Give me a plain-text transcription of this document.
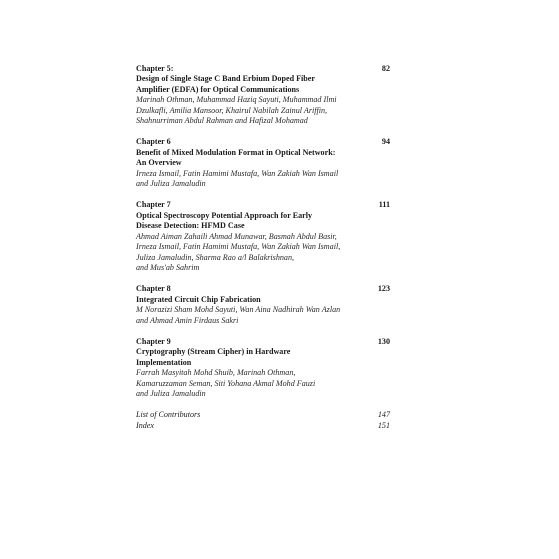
Chapter 5:	82
Design of Single Stage C Band Erbium Doped Fiber
Amplifier (EDFA) for Optical Communications
Marinah Othman, Muhammad Haziq Sayuti, Muhammad Ilmi
Dzulkafli, Amilia Mansoor, Khairul Nabilah Zainul Ariffin,
Shahnurriman Abdul Rahman and Hafizal Mohamad
Chapter 6	94
Benefit of Mixed Modulation Format in Optical Network:
An Overview
Irneza Ismail, Fatin Hamimi Mustafa, Wan Zakiah Wan Ismail
and Juliza Jamaludin
Chapter 7	111
Optical Spectroscopy Potential Approach for Early
Disease Detection: HFMD Case
Ahmad Aiman Zahaili Ahmad Munawar, Basmah Abdul Basir,
Irneza Ismail, Fatin Hamimi Mustafa, Wan Zakiah Wan Ismail,
Juliza Jamaludin, Sharma Rao a/l Balakrishnan,
and Mus'ab Sahrim
Chapter 8	123
Integrated Circuit Chip Fabrication
M Norazizi Sham Mohd Sayuti, Wan Aina Nadhirah Wan Azlan
and Ahmad Amin Firdaus Sakri
Chapter 9	130
Cryptography (Stream Cipher) in Hardware
Implementation
Farrah Masyitah Mohd Shuib, Marinah Othman,
Kamaruzzaman Seman, Siti Yohana Akmal Mohd Fauzi
and Juliza Jamaludin
List of Contributors	147
Index	151
